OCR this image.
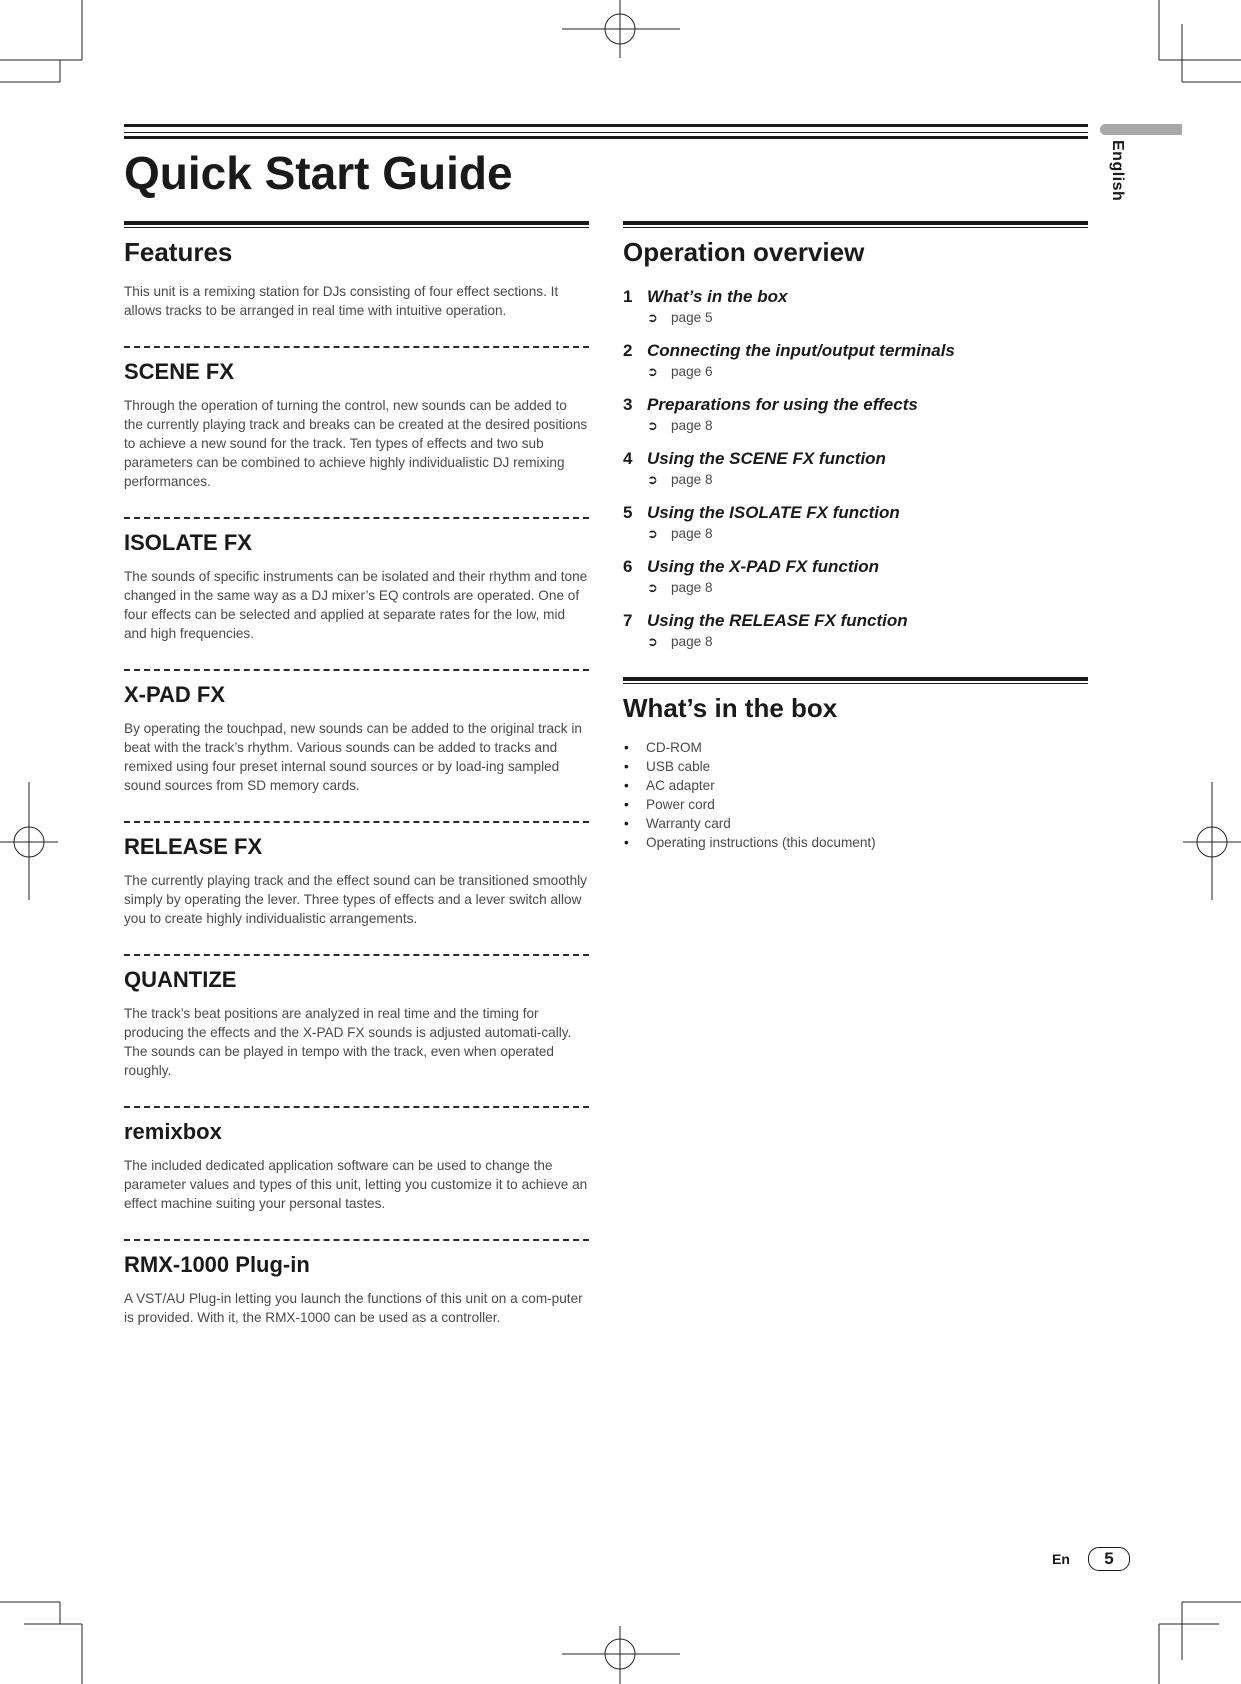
English
Quick Start Guide
Features

This unit is a remixing station for DJs consisting of four effect sections. It allows tracks to be arranged in real time with intuitive operation.

SCENE FX

Through the operation of turning the control, new sounds can be added to the currently playing track and breaks can be created at the desired positions to achieve a new sound for the track. Ten types of effects and two sub parameters can be combined to achieve highly individualistic DJ remixing performances.

ISOLATE FX

The sounds of specific instruments can be isolated and their rhythm and tone changed in the same way as a DJ mixer’s EQ controls are operated. One of four effects can be selected and applied at separate rates for the low, mid and high frequencies.

X-PAD FX

By operating the touchpad, new sounds can be added to the original track in beat with the track’s rhythm. Various sounds can be added to tracks and remixed using four preset internal sound sources or by load-ing sampled sound sources from SD memory cards.

RELEASE FX

The currently playing track and the effect sound can be transitioned smoothly simply by operating the lever. Three types of effects and a lever switch allow you to create highly individualistic arrangements.

QUANTIZE

The track’s beat positions are analyzed in real time and the timing for producing the effects and the X-PAD FX sounds is adjusted automati-cally. The sounds can be played in tempo with the track, even when operated roughly.

remixbox

The included dedicated application software can be used to change the parameter values and types of this unit, letting you customize it to achieve an effect machine suiting your personal tastes.

RMX-1000 Plug-in

A VST/AU Plug-in letting you launch the functions of this unit on a com-puter is provided. With it, the RMX-1000 can be used as a controller.

Operation overview
1 What’s in the box
➲ page 5
2 Connecting the input/output terminals
➲ page 6
3 Preparations for using the effects
➲ page 8
4 Using the SCENE FX function
➲ page 8
5 Using the ISOLATE FX function
➲ page 8
6 Using the X-PAD FX function
➲ page 8
7 Using the RELEASE FX function
➲ page 8
What’s in the box
• CD-ROM
• USB cable
• AC adapter
• Power cord
• Warranty card
• Operating instructions (this document)
En	5
